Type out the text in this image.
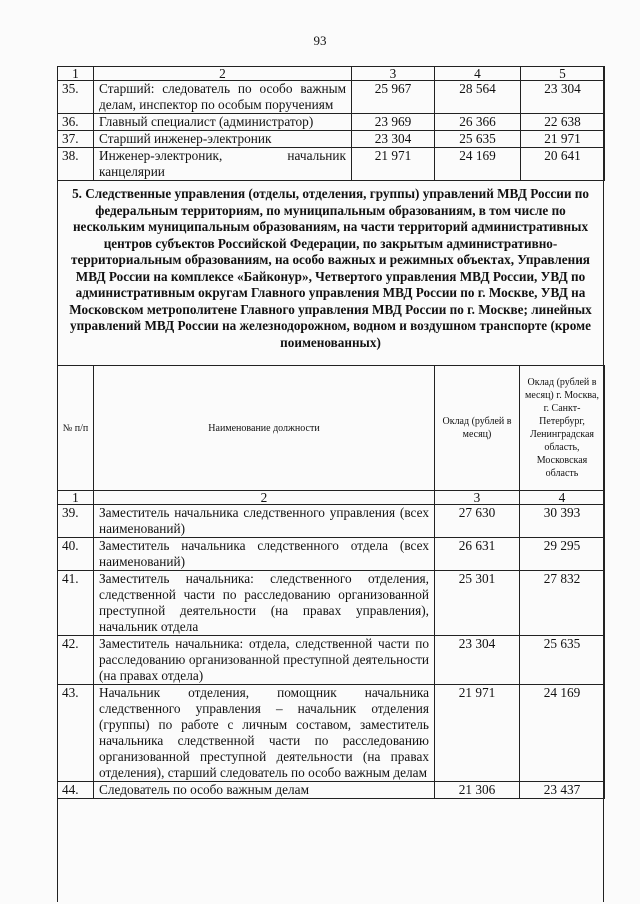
93
1	2	3	4	5
35.	Старший: следователь по особо важным делам, инспектор по особым поручениям	25 967	28 564	23 304
36.	Главный специалист (администратор)	23 969	26 366	22 638
37.	Старший инженер-электроник	23 304	25 635	21 971
38.	Инженер-электроник, начальник канцелярии	21 971	24 169	20 641
5. Следственные управления (отделы, отделения, группы) управлений МВД России по федеральным территориям, по муниципальным образованиям, в том числе по нескольким муниципальным образованиям, на части территорий административных центров субъектов Российской Федерации, по закрытым административно-территориальным образованиям, на особо важных и режимных объектах, Управления МВД России на комплексе «Байконур», Четвертого управления МВД России, УВД по административным округам Главного управления МВД России по г. Москве, УВД на Московском метрополитене Главного управления МВД России по г. Москве; линейных управлений МВД России на железнодорожном, водном и воздушном транспорте (кроме поименованных)
№ п/п	Наименование должности	Оклад (рублей в месяц)	Оклад (рублей в месяц) г. Москва, г. Санкт-Петербург, Ленинградская область, Московская область
1	2	3	4
39.	Заместитель начальника следственного управления (всех наименований)	27 630	30 393
40.	Заместитель начальника следственного отдела (всех наименований)	26 631	29 295
41.	Заместитель начальника: следственного отделения, следственной части по расследованию организованной преступной деятельности (на правах управления), начальник отдела	25 301	27 832
42.	Заместитель начальника: отдела, следственной части по расследованию организованной преступной деятельности (на правах отдела)	23 304	25 635
43.	Начальник отделения, помощник начальника следственного управления – начальник отделения (группы) по работе с личным составом, заместитель начальника следственной части по расследованию организованной преступной деятельности (на правах отделения), старший следователь по особо важным делам	21 971	24 169
44.	Следователь по особо важным делам	21 306	23 437
